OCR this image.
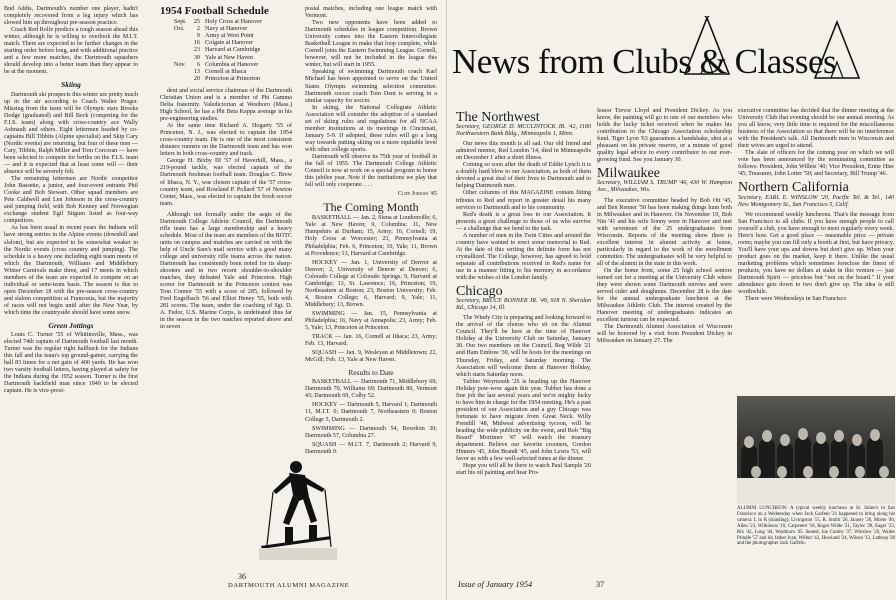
Bud Addis, Dartmouth's number one player, hadn't completely recovered from a leg injury which has slowed him up throughout pre-season practice.

Coach Red Rolfe predicts a tough season ahead this winter, although he is willing to overlook the M.I.T. match. There are expected to be further changes in the starting order before long, and with additional practice and a few more matches, the Dartmouth squashers should develop into a better team than they appear to be at the moment.

Skiing

Dartmouth ski prospects this winter are pretty much up in the air according to Coach Walter Prager. Missing from the team will be Olympic stars Brooks Dodge (graduated) and Bill Beck (competing for the F.I.S. team) along with cross-country ace Wally Ashnault and others. Eight lettermen headed by co-captains Bill Tibbits (Alpine specialist) and Skip Cary (Nordic events) are returning, but four of these men — Cary, Tibbits, Ralph Miller and Tom Corcoran — have been selected to compete for berths on the F.I.S. team — and it is expected that at least some will — their absence will be severely felt.

The remaining lettermen are Nordic competitor John Bassette, a junior, and four-event entrants Phil Cooke and Bob Stewart. Other squad members are Pete Caldwell and Len Johnson in the cross-country and jumping field, with Bob Kenney and Norwegian exchange student Egil Stigum listed as four-way competitors.

As has been usual in recent years the Indians will have strong entries in the Alpine events (downhill and slalom), but are expected to be somewhat weaker in the Nordic events (cross country and jumping). The schedule is a heavy one including eight team meets of which the Dartmouth, Williams and Middlebury Winter Carnivals make three, and 17 meets in which members of the team are expected to compete on an individual or semi-team basis. The season is due to open December 18 with the pre-season cross-country and slalom competition at Franconia, but the majority of races will not begin until after the New Year, by which time the countryside should have some snow.

Green Jottings

Louis C. Turner '55 of Whitinsville, Mass., was elected 74th captain of Dartmouth football last month. Turner was the regular right halfback for the Indians this fall and the team's top ground-gainer, carrying the ball 83 times for a net gain of 400 yards. He has won two varsity football letters, having played at safety for the Indians during the 1952 season. Turner is the first Dartmouth backfield man since 1949 to be elected captain. He is vice-presi-

1954 Football Schedule
Sept.	25 Holy Cross at Hanover
Oct.	2 Navy at Hanover
9 Army at West Point
16 Colgate at Hanover
23 Harvard at Cambridge
30 Yale at New Haven
Nov.	6 Columbia at Hanover
13 Cornell at Ithaca
20 Princeton at Princeton

dent and social service chairman of the Dartmouth Christian Union and is a member of Phi Gamma Delta fraternity. Valedictorian at Westboro (Mass.) High School, he has a Phi Beta Kappa average in his pre-engineering studies.

At the same time Richard A. Hogarty '55 of Princeton, N. J., was elected to captain the 1954 cross-country team. He is one of the most consistent distance runners on the Dartmouth team and has won letters in both cross-country and track.

George H. Bixby III '57 of Haverhill, Mass., a 219-pound tackle, was elected captain of the Dartmouth freshman football team. Douglas C. Brew of Ithaca, N. Y., was chosen captain of the '57 cross-country team, and Rowland P. Pollard '57 of Newton Center, Mass., was elected to captain the frosh soccer team.

Although not formally under the aegis of the Dartmouth College Athletic Council, the Dartmouth rifle team has a large membership and a heavy schedule. Most of the team are members of the ROTC units on campus and matches are carried on with the help of Uncle Sam's mail service with a good many college and university rifle teams across the nation. Dartmouth has consistently been noted for its sharp-shooters and in two recent shoulder-to-shoulder matches, they defeated Yale and Princeton. High scorer for Dartmouth in the Princeton contest was Tom Connor '55 with a score of 285, followed by Fred Engelbach '56 and Elliot Heney '55, both with 281 scores. The team, under the coaching of Sgt. D. A. Fedor, U.S. Marine Corps, is undefeated thus far in the season in the two matches reported above and in seven

postal matches, including one league match with Vermont.

Two new opponents have been added to Dartmouth schedules in league competition. Brown University comes into the Eastern Intercollegiate Basketball League to make that loop complete, while Cornell joins the Eastern Swimming League. Cornell, however, will not be included in the league this winter, but will start in 1955.

Speaking of swimming Dartmouth coach Karl Michael has been appointed to serve on the United States Olympic swimming selection committee. Dartmouth soccer coach Tom Dent is serving in a similar capacity for soccer.

In skiing, the National Collegiate Athletic Association will consider the adoption of a standard set of skiing rules and regulations for all NCAA member institutions at its meetings in Cincinnati, January 5-9. If adopted, these rules will go a long way towards putting skiing on a more equitable level with other college sports.

Dartmouth will observe its 75th year of football in the fall of 1955. The Dartmouth College Athletic Council is now at work on a special program to honor this jubilee year. Note if the institutions we play that fall will only cooperate. . . .

Cliff Jordan '45
The Coming Month

BASKETBALL — Jan. 2, Siena at Loudonville; 6, Yale at New Haven; 9, Columbia; 11, New Hampshire at Durham; 15, Army; 16, Cornell; 19, Holy Cross at Worcester; 23, Pennsylvania at Philadelphia; Feb. 6, Princeton; 10, Yale; 11, Brown at Providence; 13, Harvard at Cambridge.

HOCKEY — Jan. 1, University of Denver at Denver; 2, University of Denver at Denver; 6, Colorado College at Colorado Springs; 9, Harvard at Cambridge; 13, St. Lawrence; 16, Princeton; 19, Northeastern at Boston; 23, Boston University; Feb. 4, Boston College; 6, Harvard; 9, Yale; 11, Middlebury; 13, Brown.

SWIMMING — Jan. 15, Pennsylvania at Philadelphia; 16, Navy at Annapolis; 23, Army; Feb. 5, Yale; 13, Princeton at Princeton.

TRACK — Jan. 16, Cornell at Ithaca; 23, Army; Feb. 13, Harvard.

SQUASH — Jan. 9, Wesleyan at Middletown; 22, McGill; Feb. 13, Yale at New Haven.

Results to Date

BASKETBALL — Dartmouth 71, Middlebury 69; Dartmouth 70, Williams 69; Dartmouth 80, Vermont 43; Dartmouth 69, Colby 52.

HOCKEY — Dartmouth 5, Harvard 1; Dartmouth 11, M.I.T. 0; Dartmouth 7, Northeastern 0; Boston College 5, Dartmouth 2.

SWIMMING — Dartmouth 54, Bowdoin 30; Dartmouth 57, Columbia 27.

SQUASH — M.I.T. 7, Dartmouth 2; Harvard 9, Dartmouth 0.

36
DARTMOUTH ALUMNI MAGAZINE
News from Clubs & Classes
The Northwest

Secretary, GEORGE D. MCCLINTOCK JR. '42, 1180 Northwestern Bank Bldg., Minneapolis 1, Minn.

Our news this month is all sad. Our old friend and admired mentor, Red London '14, died in Minneapolis on December 1 after a short illness.

Coming so soon after the death of Eddie Lynch it is a doubly hard blow to our Association, as both of them devoted a great deal of their lives to Dartmouth and to helping Dartmouth men.

Other columns of this MAGAZINE contain fitting tributes to Red and report in greater detail his many services to Dartmouth and to his community.

Red's death is a great loss to our Association. It presents a great challenge to those of us who survive — a challenge that we bend to the task.

A number of men in the Twin Cities and around the country have wanted to erect some memorial to Red. At the date of this writing the definite form has not crystallized. The College, however, has agreed to hold separate all contributions received in Red's name for use in a manner fitting to his memory in accordance with the wishes of the London family.

Chicago

Secretary, BRUCE BONNER JR. '49, 918 N. Sheridan Rd., Chicago 14, Ill.

The Windy City is preparing and looking forward to the arrival of the chorus who sit on the Alumni Council. They'll be here at the time of Hanover Holiday at the University Club on Saturday, January 30. Our two members on the Council, Reg Wilde '21 and Ham Embree '30, will be hosts for the meetings on Thursday, Friday, and Saturday morning. The Association will welcome them at Hanover Holiday, which starts Saturday noon.

Tubber Weymouth '26 is heading up the Hanover Holiday pow-wow again this year. Tubber has done a fine job the last several years and we're mighty lucky to have him in charge for the 1954 meeting. He's a past president of our Association and a guy Chicago was fortunate to have migrate from Great Neck. Willy Prendill '48, Midwest advertising tycoon, will be heading the wide publicity on the event, and Bob "Big Board" Mortimer '47 will watch the treasury department. Believe our favorite crooners, Gordon Hinners '45, John Brandt '45, and John Lewis '53, will favor us with a few well-selected tunes at the dinner.

Hope you will all be there to watch Paul Sample '20 start his oil painting and hear Pro-

fessor Trevor Lloyd and President Dickey. As you know, the painting will go to one of our members who holds the lucky ticket received when he makes his contribution to the Chicago Association scholarship fund. Tiger Lyon '63 guarantees a handshake, shot at a pheasant on his private reserve, or a minute of good quality legal advice to every contributor to our ever-growing fund. See you January 30.

Milwaukee

Secretary, WILLIAM S. TRUMP '46, 430 W. Hampton Ave., Milwaukee, Wis.

The executive committee headed by Bob Ott '45, and Ben Renner '50 has been making things hum both in Milwaukee and in Hanover. On November 19, Bob Nin '41 and his wife Sonny were in Hanover and met with seventeen of the 25 undergraduates from Wisconsin. Reports of the meeting show there is excellent interest in alumni activity at home, particularly in regard to the work of the enrollment committee. The undergraduates will be very helpful to all of the alumni in the state in this work.

On the home front, some 25 high school seniors turned out for a meeting at the University Club where they were shown some Dartmouth movies and were served cider and doughnuts. December 28 is the date for the annual undergraduate luncheon at the Milwaukee Athletic Club. The interest created by the Hanover meeting of undergraduates indicates an excellent turnout can be expected.

The Dartmouth Alumni Association of Wisconsin will be honored by a visit from President Dickey in Milwaukee on January 27. The

executive committee has decided that the dinner meeting at the University Club that evening should be our annual meeting. As you all know, very little time is required for the miscellaneous business of the Association so that there will be no interference with the President's talk. All Dartmouth men in Wisconsin and their wives are urged to attend.

The slate of officers for the coming year on which we will vote has been announced by the nominating committee as follows: President, John Willets '40; Vice President, Ernie Hise '45; Treasurer, John Lotter '50; and Secretary, Bill Trump '46.

Northern California

Secretary, EARL E. WINSLOW '20, Pacific Tel. & Tel., 140 New Montgomery St., San Francisco 5, Calif.

We recommend weekly luncheons. That's the message from San Francisco to all clubs. If you have enough people to call yourself a club, you have enough to meet regularly every week. Here's how. Get a good place — reasonable price — private room; maybe you can fill only a booth at first, but have privacy. You'll have your ups and downs but don't give up. When your product goes on the market, keep it there. Unlike the usual marketing problems which sometimes foreclose the finest of products, you have no dollars at stake in this venture — just Dartmouth Spirit — priceless but "not on the board." If your attendance gets down to two don't give up. The idea is still worthwhile.

There were Wednesdays in San Francisco

ALUMNI LUNCHEON: A typical weekly luncheon at St. Julien's in San Francisco on a Wednesday when Jack Garfein '21 happened to bring along his camera: L to R (standing), Livingston '15, R. Smith '26, Janney '28, Morse '46, Allen '23, Wilkinson '10, Carpenter '18, Roger Wilde '21, Taylor '28, Eager '23, Rix '42, Long '44, Washburn '45. Seated, Joe Conley '37, Winslow '20, Walter Prindle '57 and his father Ivan, Wilbur '42, Howland '24, Wilson '13, Lathrop '28 and the photographer Jack Garfein.
Issue of January 1954	37
